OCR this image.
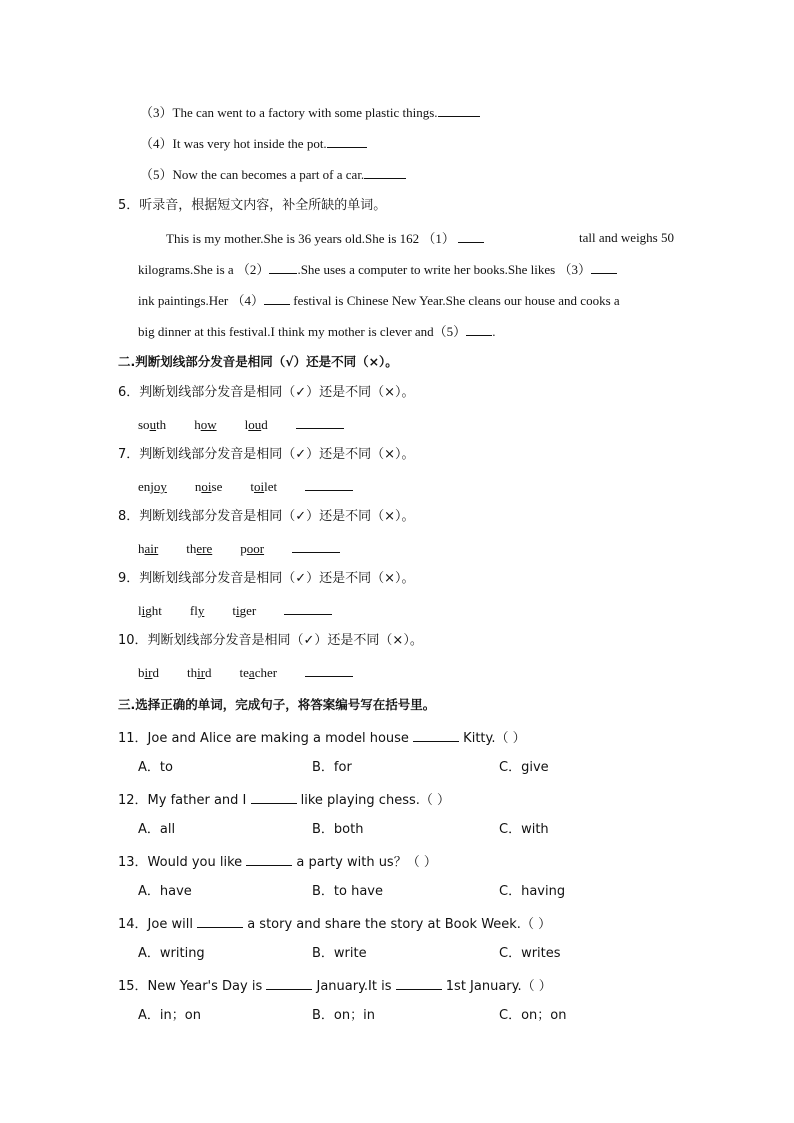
（3）The can went to a factory with some plastic things.
（4）It was very hot inside the pot.
（5）Now the can becomes a part of a car.
5．听录音，根据短文内容，补全所缺的单词。
This is my mother.She is 36 years old.She is 162 （1）	tall and weighs 50
kilograms.She is a （2） .She uses a computer to write her books.She likes （3）
ink paintings.Her （4） festival is Chinese New Year.She cleans our house and cooks a
big dinner at this festival.I think my mother is clever and（5） .
二.判断划线部分发音是相同（√）还是不同（×）。
6．判断划线部分发音是相同（✓）还是不同（×）。
south how loud
7．判断划线部分发音是相同（✓）还是不同（×）。
enjoy noise toilet
8．判断划线部分发音是相同（✓）还是不同（×）。
hair there poor
9．判断划线部分发音是相同（✓）还是不同（×）。
light fly tiger
10．判断划线部分发音是相同（✓）还是不同（×）。
bird third teacher
三.选择正确的单词，完成句子，将答案编号写在括号里。
11．Joe and Alice are making a model house	Kitty.（ ）
A．to	B．for	C．give
12．My father and I	like playing chess.（ ）
A．all	B．both	C．with
13．Would you like	a party with us？（ ）
A．have	B．to have	C．having
14．Joe will	a story and share the story at Book Week.（ ）
A．writing	B．write	C．writes
15．New Year's Day is	January.It is	1st January.（ ）
A．in；on	B．on；in	C．on；on
